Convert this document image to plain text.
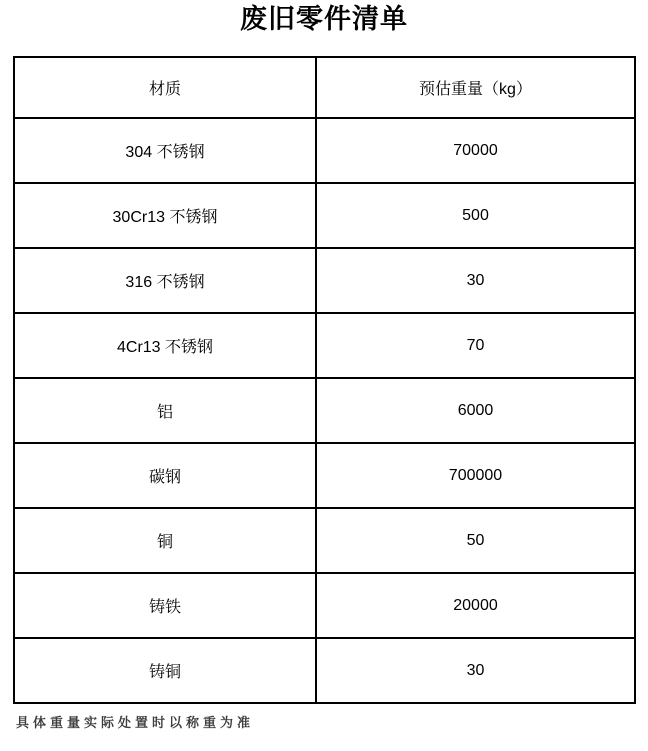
废旧零件清单
材质	预估重量（kg）
304 不锈钢	70000
30Cr13 不锈钢	500
316 不锈钢	30
4Cr13 不锈钢	70
铝	6000
碳钢	700000
铜	50
铸铁	20000
铸铜	30
具体重量实际处置时以称重为准
